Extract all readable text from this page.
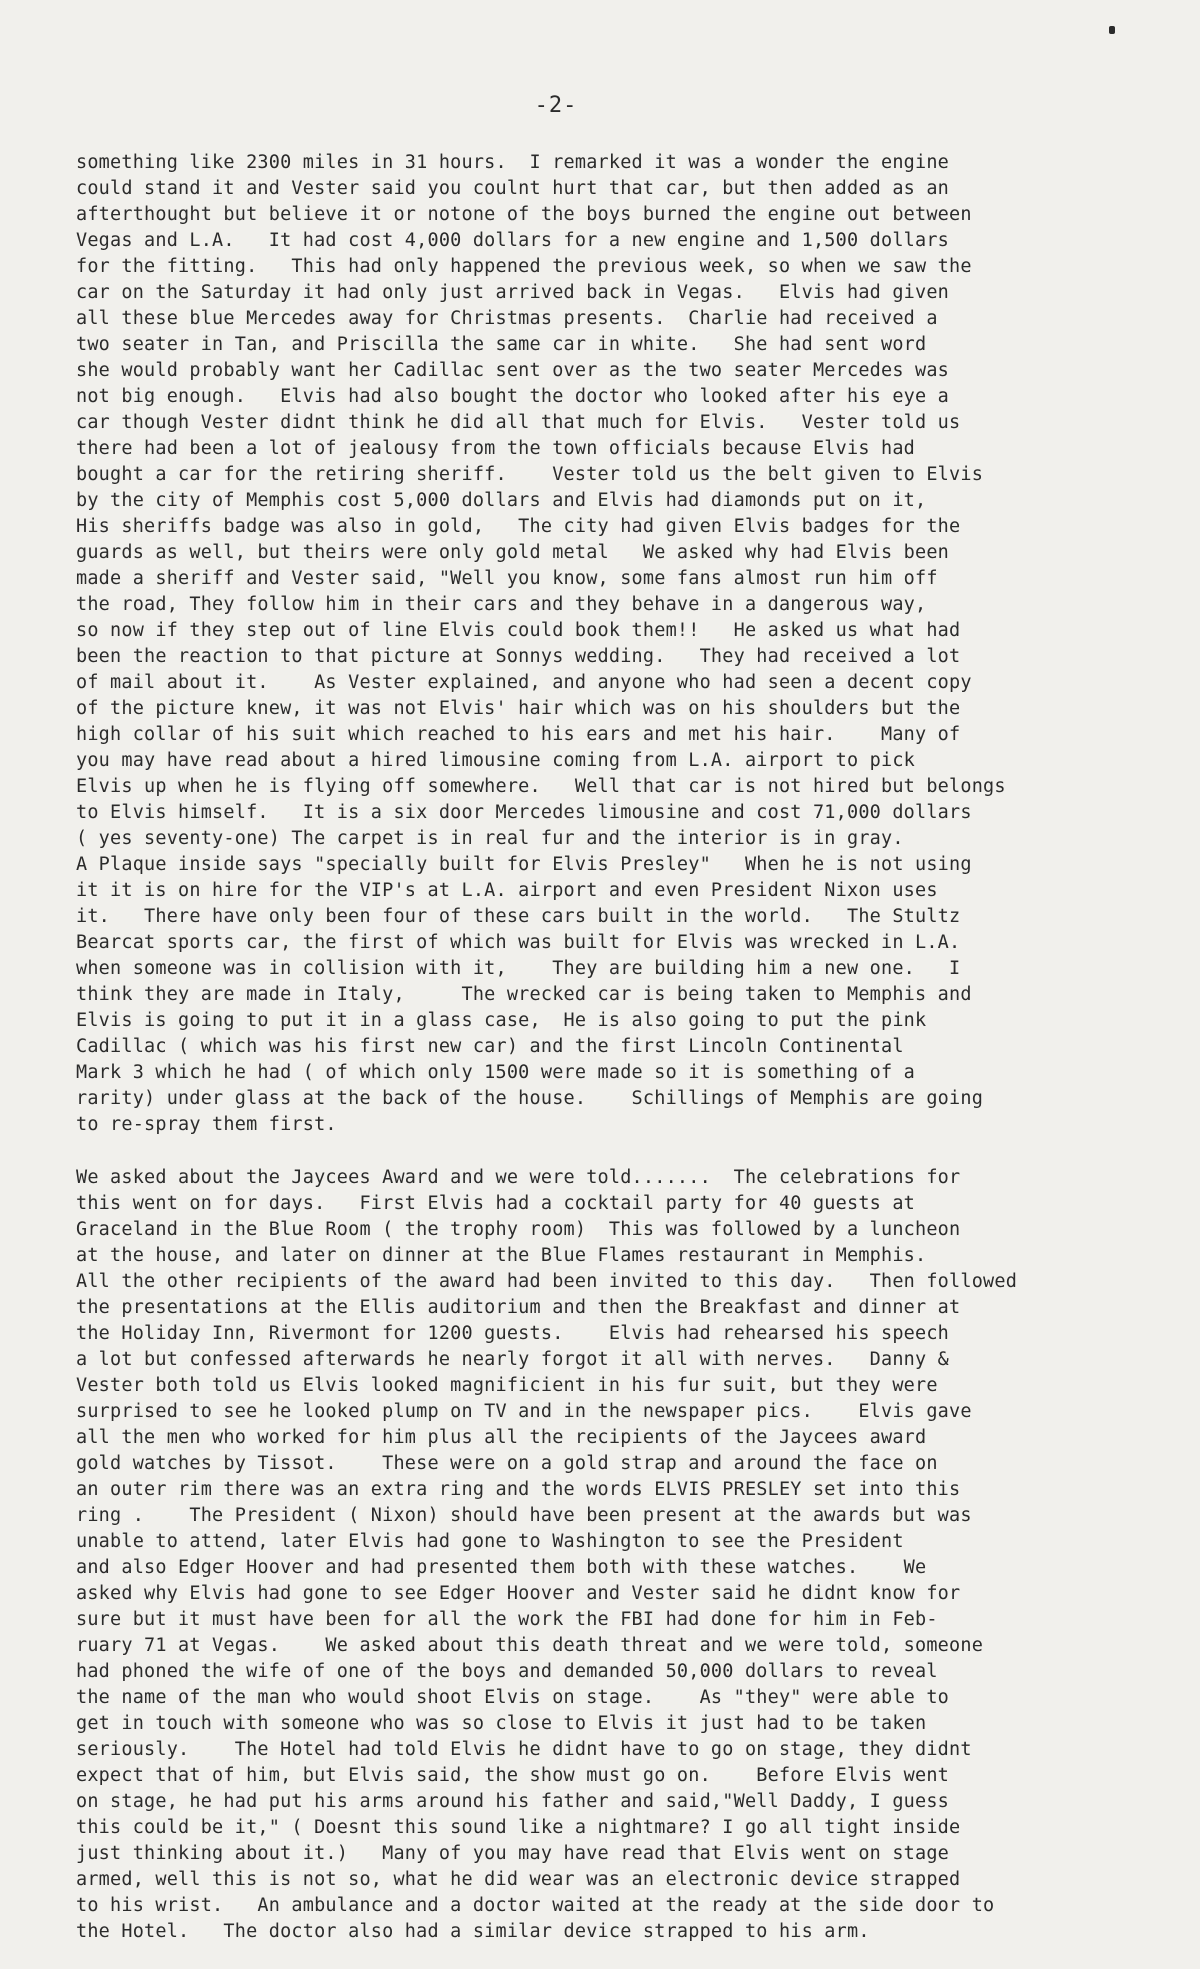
-2-
something like 2300 miles in 31 hours.  I remarked it was a wonder the engine
could stand it and Vester said you coulnt hurt that car, but then added as an
afterthought but believe it or notone of the boys burned the engine out between
Vegas and L.A.   It had cost 4,000 dollars for a new engine and 1,500 dollars
for the fitting.   This had only happened the previous week, so when we saw the
car on the Saturday it had only just arrived back in Vegas.   Elvis had given
all these blue Mercedes away for Christmas presents.  Charlie had received a
two seater in Tan, and Priscilla the same car in white.   She had sent word
she would probably want her Cadillac sent over as the two seater Mercedes was
not big enough.   Elvis had also bought the doctor who looked after his eye a
car though Vester didnt think he did all that much for Elvis.   Vester told us
there had been a lot of jealousy from the town officials because Elvis had
bought a car for the retiring sheriff.    Vester told us the belt given to Elvis
by the city of Memphis cost 5,000 dollars and Elvis had diamonds put on it,
His sheriffs badge was also in gold,   The city had given Elvis badges for the
guards as well, but theirs were only gold metal   We asked why had Elvis been
made a sheriff and Vester said, "Well you know, some fans almost run him off
the road, They follow him in their cars and they behave in a dangerous way,
so now if they step out of line Elvis could book them!!   He asked us what had
been the reaction to that picture at Sonnys wedding.   They had received a lot
of mail about it.    As Vester explained, and anyone who had seen a decent copy
of the picture knew, it was not Elvis' hair which was on his shoulders but the
high collar of his suit which reached to his ears and met his hair.    Many of
you may have read about a hired limousine coming from L.A. airport to pick
Elvis up when he is flying off somewhere.   Well that car is not hired but belongs
to Elvis himself.   It is a six door Mercedes limousine and cost 71,000 dollars
( yes seventy-one) The carpet is in real fur and the interior is in gray.
A Plaque inside says "specially built for Elvis Presley"   When he is not using
it it is on hire for the VIP's at L.A. airport and even President Nixon uses
it.   There have only been four of these cars built in the world.   The Stultz
Bearcat sports car, the first of which was built for Elvis was wrecked in L.A.
when someone was in collision with it,    They are building him a new one.   I
think they are made in Italy,     The wrecked car is being taken to Memphis and
Elvis is going to put it in a glass case,  He is also going to put the pink
Cadillac ( which was his first new car) and the first Lincoln Continental
Mark 3 which he had ( of which only 1500 were made so it is something of a
rarity) under glass at the back of the house.    Schillings of Memphis are going
to re-spray them first.
We asked about the Jaycees Award and we were told.......  The celebrations for
this went on for days.   First Elvis had a cocktail party for 40 guests at
Graceland in the Blue Room ( the trophy room)  This was followed by a luncheon
at the house, and later on dinner at the Blue Flames restaurant in Memphis.
All the other recipients of the award had been invited to this day.   Then followed
the presentations at the Ellis auditorium and then the Breakfast and dinner at
the Holiday Inn, Rivermont for 1200 guests.    Elvis had rehearsed his speech
a lot but confessed afterwards he nearly forgot it all with nerves.   Danny &
Vester both told us Elvis looked magnificient in his fur suit, but they were
surprised to see he looked plump on TV and in the newspaper pics.    Elvis gave
all the men who worked for him plus all the recipients of the Jaycees award
gold watches by Tissot.    These were on a gold strap and around the face on
an outer rim there was an extra ring and the words ELVIS PRESLEY set into this
ring .    The President ( Nixon) should have been present at the awards but was
unable to attend, later Elvis had gone to Washington to see the President
and also Edger Hoover and had presented them both with these watches.    We
asked why Elvis had gone to see Edger Hoover and Vester said he didnt know for
sure but it must have been for all the work the FBI had done for him in Feb-
ruary 71 at Vegas.    We asked about this death threat and we were told, someone
had phoned the wife of one of the boys and demanded 50,000 dollars to reveal
the name of the man who would shoot Elvis on stage.    As "they" were able to
get in touch with someone who was so close to Elvis it just had to be taken
seriously.    The Hotel had told Elvis he didnt have to go on stage, they didnt
expect that of him, but Elvis said, the show must go on.    Before Elvis went
on stage, he had put his arms around his father and said,"Well Daddy, I guess
this could be it," ( Doesnt this sound like a nightmare? I go all tight inside
just thinking about it.)   Many of you may have read that Elvis went on stage
armed, well this is not so, what he did wear was an electronic device strapped
to his wrist.   An ambulance and a doctor waited at the ready at the side door to
the Hotel.   The doctor also had a similar device strapped to his arm.
